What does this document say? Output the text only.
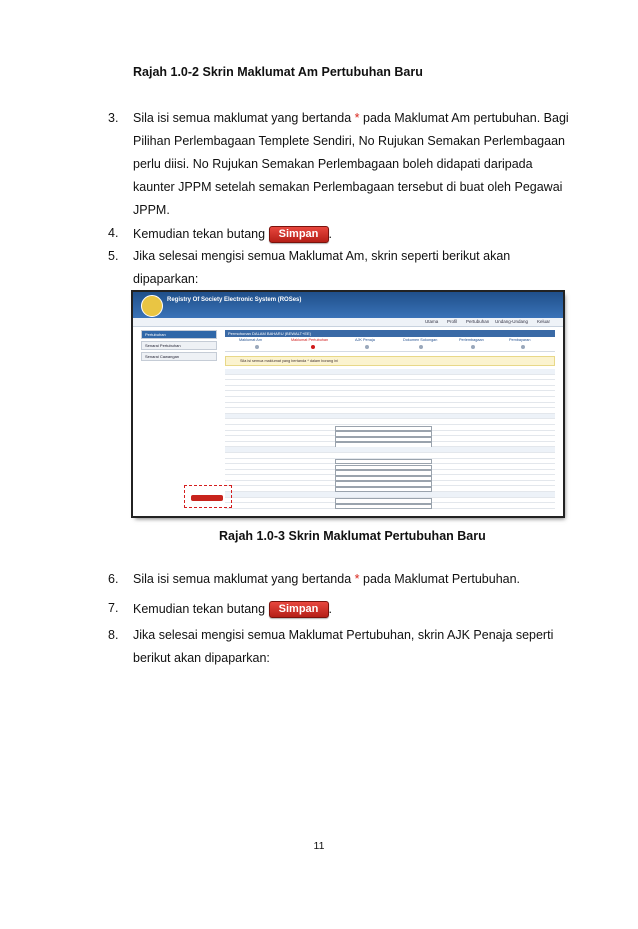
Rajah 1.0-2 Skrin Maklumat Am Pertubuhan Baru
3. Sila isi semua maklumat yang bertanda * pada Maklumat Am pertubuhan. Bagi
Pilihan Perlembagaan Templete Sendiri, No Rujukan Semakan Perlembagaan
perlu diisi. No Rujukan Semakan Perlembagaan boleh didapati daripada
kaunter JPPM setelah semakan Perlembagaan tersebut di buat oleh Pegawai
JPPM.
4. Kemudian tekan butang Simpan .
5. Jika selesai mengisi semua Maklumat Am, skrin seperti berikut akan
dipaparkan:
Registry Of Society Electronic System (ROSes)
Utama Profil Pertubuhan Undang-Undang Keluar
Pertubuhan
Senarai Pertubuhan
Senarai Cawangan
Permohonan DALAM BAHARU (BEWALT+EE)
Maklumat Am	Maklumat Pertubuhan	AJK Penaja	Dokumen Sokongan	Perlembagaan	Pembayaran
Sila isi semua maklumat yang bertanda * dalam borang ini
Rajah 1.0-3 Skrin Maklumat Pertubuhan Baru
6. Sila isi semua maklumat yang bertanda * pada Maklumat Pertubuhan.
7. Kemudian tekan butang Simpan .
8. Jika selesai mengisi semua Maklumat Pertubuhan, skrin AJK Penaja seperti
berikut akan dipaparkan:
11
